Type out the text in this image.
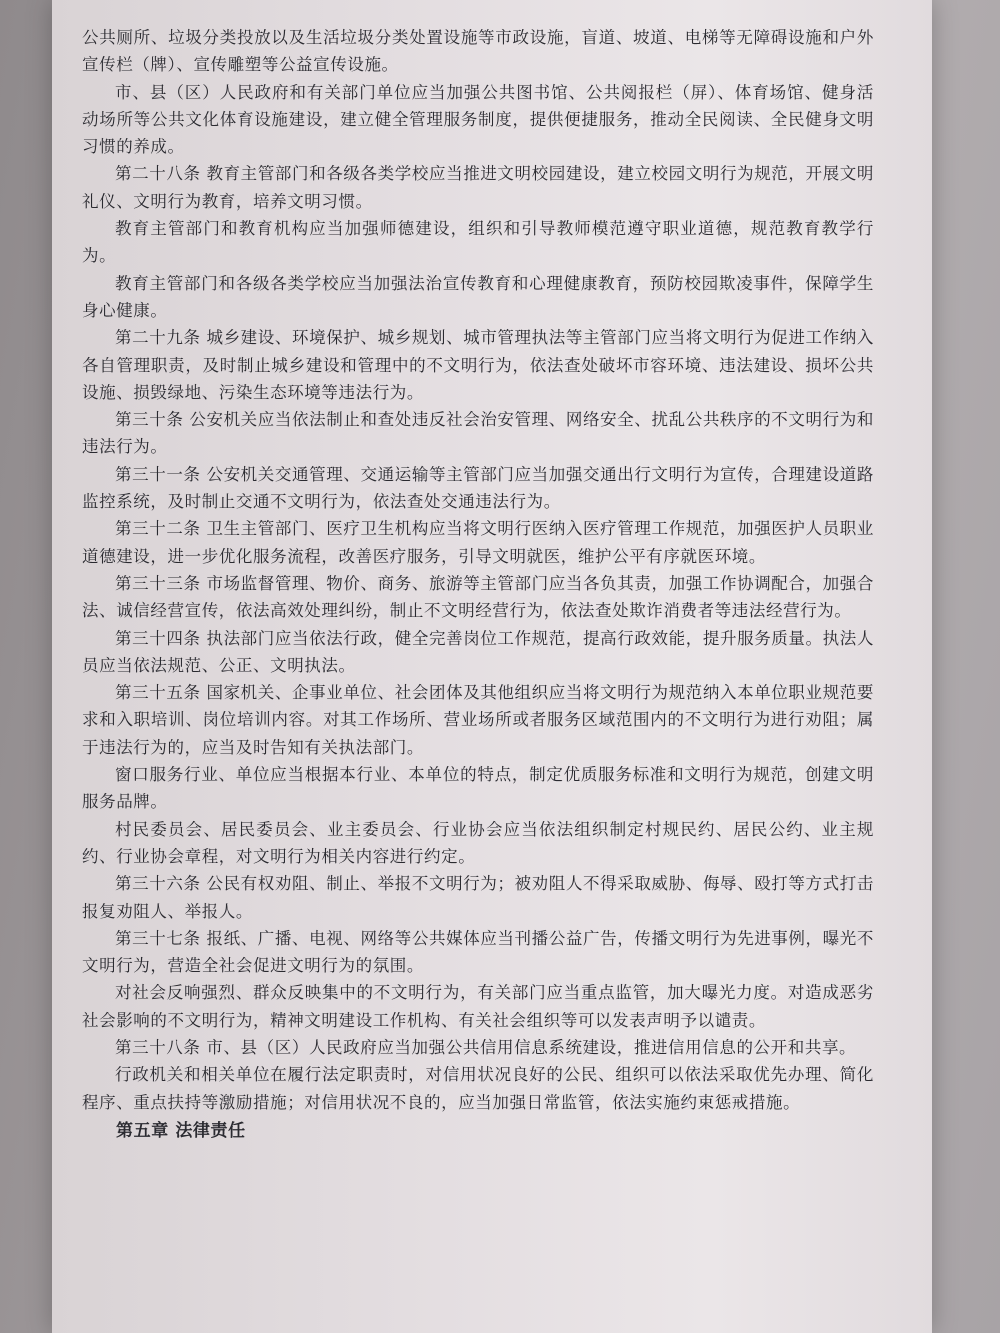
公共厕所、垃圾分类投放以及生活垃圾分类处置设施等市政设施，盲道、坡道、电梯等无障碍设施和户外宣传栏（牌）、宣传雕塑等公益宣传设施。

市、县（区）人民政府和有关部门单位应当加强公共图书馆、公共阅报栏（屏）、体育场馆、健身活动场所等公共文化体育设施建设，建立健全管理服务制度，提供便捷服务，推动全民阅读、全民健身文明习惯的养成。

第二十八条 教育主管部门和各级各类学校应当推进文明校园建设，建立校园文明行为规范，开展文明礼仪、文明行为教育，培养文明习惯。

教育主管部门和教育机构应当加强师德建设，组织和引导教师模范遵守职业道德，规范教育教学行为。

教育主管部门和各级各类学校应当加强法治宣传教育和心理健康教育，预防校园欺凌事件，保障学生身心健康。

第二十九条 城乡建设、环境保护、城乡规划、城市管理执法等主管部门应当将文明行为促进工作纳入各自管理职责，及时制止城乡建设和管理中的不文明行为，依法查处破坏市容环境、违法建设、损坏公共设施、损毁绿地、污染生态环境等违法行为。

第三十条 公安机关应当依法制止和查处违反社会治安管理、网络安全、扰乱公共秩序的不文明行为和违法行为。

第三十一条 公安机关交通管理、交通运输等主管部门应当加强交通出行文明行为宣传，合理建设道路监控系统，及时制止交通不文明行为，依法查处交通违法行为。

第三十二条 卫生主管部门、医疗卫生机构应当将文明行医纳入医疗管理工作规范，加强医护人员职业道德建设，进一步优化服务流程，改善医疗服务，引导文明就医，维护公平有序就医环境。

第三十三条 市场监督管理、物价、商务、旅游等主管部门应当各负其责，加强工作协调配合，加强合法、诚信经营宣传，依法高效处理纠纷，制止不文明经营行为，依法查处欺诈消费者等违法经营行为。

第三十四条 执法部门应当依法行政，健全完善岗位工作规范，提高行政效能，提升服务质量。执法人员应当依法规范、公正、文明执法。

第三十五条 国家机关、企事业单位、社会团体及其他组织应当将文明行为规范纳入本单位职业规范要求和入职培训、岗位培训内容。对其工作场所、营业场所或者服务区域范围内的不文明行为进行劝阻；属于违法行为的，应当及时告知有关执法部门。

窗口服务行业、单位应当根据本行业、本单位的特点，制定优质服务标准和文明行为规范，创建文明服务品牌。

村民委员会、居民委员会、业主委员会、行业协会应当依法组织制定村规民约、居民公约、业主规约、行业协会章程，对文明行为相关内容进行约定。

第三十六条 公民有权劝阻、制止、举报不文明行为；被劝阻人不得采取威胁、侮辱、殴打等方式打击报复劝阻人、举报人。

第三十七条 报纸、广播、电视、网络等公共媒体应当刊播公益广告，传播文明行为先进事例，曝光不文明行为，营造全社会促进文明行为的氛围。

对社会反响强烈、群众反映集中的不文明行为，有关部门应当重点监管，加大曝光力度。对造成恶劣社会影响的不文明行为，精神文明建设工作机构、有关社会组织等可以发表声明予以谴责。

第三十八条 市、县（区）人民政府应当加强公共信用信息系统建设，推进信用信息的公开和共享。

行政机关和相关单位在履行法定职责时，对信用状况良好的公民、组织可以依法采取优先办理、简化程序、重点扶持等激励措施；对信用状况不良的，应当加强日常监管，依法实施约束惩戒措施。

第五章 法律责任
